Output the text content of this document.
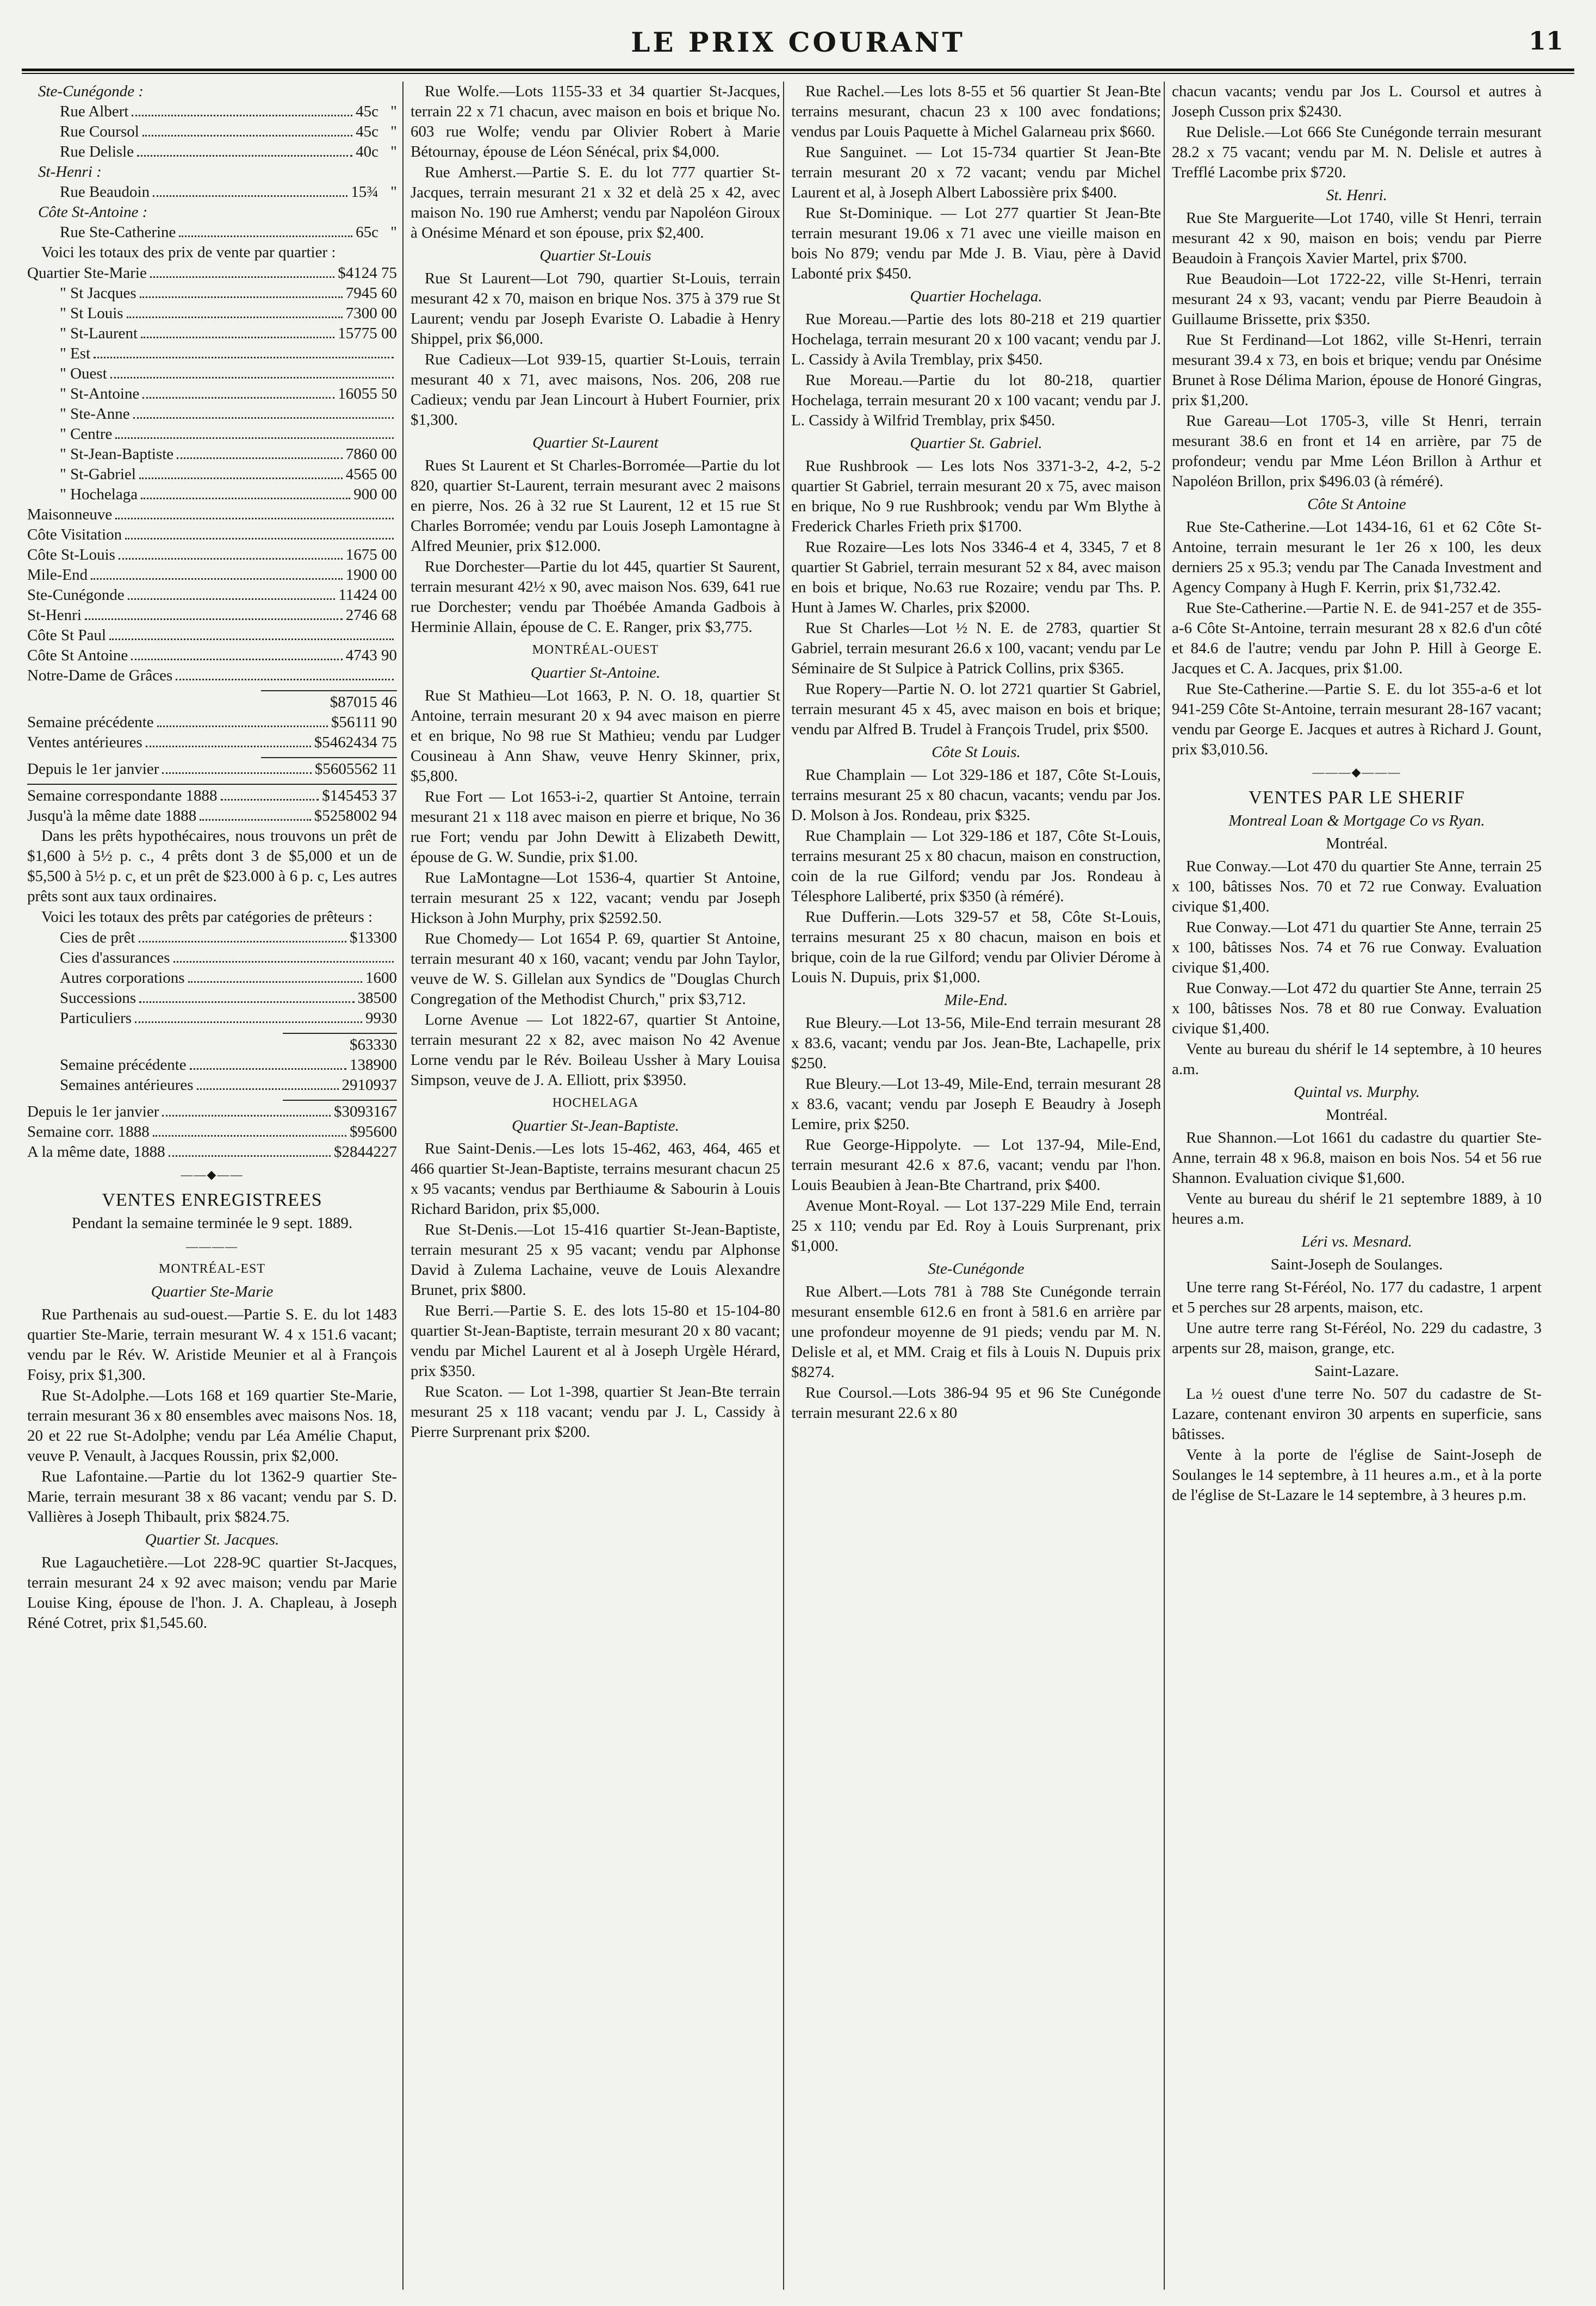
LE PRIX COURANT	11
Ste-Cunégonde :
Rue Albert	45c "
Rue Coursol	45c "
Rue Delisle	40c "
St-Henri :
Rue Beaudoin	15¾ "
Côte St-Antoine :
Rue Ste-Catherine	65c "

Voici les totaux des prix de vente par quartier :

Quartier Ste-Marie	$4124 75
" St Jacques	7945 60
" St Louis	7300 00
" St-Laurent	15775 00
" Est
" Ouest
" St-Antoine	16055 50
" Ste-Anne
" Centre
" St-Jean-Baptiste	7860 00
" St-Gabriel	4565 00
" Hochelaga	900 00
Maisonneuve
Côte Visitation
Côte St-Louis	1675 00
Mile-End	1900 00
Ste-Cunégonde	11424 00
St-Henri	2746 68
Côte St Paul
Côte St Antoine	4743 90
Notre-Dame de Grâces
$87015 46
Semaine précédente	$56111 90
Ventes antérieures	$5462434 75
Depuis le 1er janvier	$5605562 11
Semaine correspondante 1888	$145453 37
Jusqu'à la même date 1888	$5258002 94

Dans les prêts hypothécaires, nous trouvons un prêt de $1,600 à 5½ p. c., 4 prêts dont 3 de $5,000 et un de $5,500 à 5½ p. c, et un prêt de $23.000 à 6 p. c, Les autres prêts sont aux taux ordinaires.

Voici les totaux des prêts par catégories de prêteurs :

Cies de prêt	$13300
Cies d'assurances
Autres corporations	1600
Successions	38500
Particuliers	9930
$63330
Semaine précédente	138900
Semaines antérieures	2910937
Depuis le 1er janvier	$3093167
Semaine corr. 1888	$95600
A la même date, 1888	$2844227
——◆——
VENTES ENREGISTREES

Pendant la semaine terminée le 9 sept. 1889.

————

MONTRÉAL-EST

Quartier Ste-Marie

Rue Parthenais au sud-ouest.—Partie S. E. du lot 1483 quartier Ste-Marie, terrain mesurant W. 4 x 151.6 vacant; vendu par le Rév. W. Aristide Meunier et al à François Foisy, prix $1,300.

Rue St-Adolphe.—Lots 168 et 169 quartier Ste-Marie, terrain mesurant 36 x 80 ensembles avec maisons Nos. 18, 20 et 22 rue St-Adolphe; vendu par Léa Amélie Chaput, veuve P. Venault, à Jacques Roussin, prix $2,000.

Rue Lafontaine.—Partie du lot 1362-9 quartier Ste-Marie, terrain mesurant 38 x 86 vacant; vendu par S. D. Vallières à Joseph Thibault, prix $824.75.

Quartier St. Jacques.

Rue Lagauchetière.—Lot 228-9C quartier St-Jacques, terrain mesurant 24 x 92 avec maison; vendu par Marie Louise King, épouse de l'hon. J. A. Chapleau, à Joseph Réné Cotret, prix $1,545.60.

Rue Wolfe.—Lots 1155-33 et 34 quartier St-Jacques, terrain 22 x 71 chacun, avec maison en bois et brique No. 603 rue Wolfe; vendu par Olivier Robert à Marie Bétournay, épouse de Léon Sénécal, prix $4,000.

Rue Amherst.—Partie S. E. du lot 777 quartier St-Jacques, terrain mesurant 21 x 32 et delà 25 x 42, avec maison No. 190 rue Amherst; vendu par Napoléon Giroux à Onésime Ménard et son épouse, prix $2,400.

Quartier St-Louis

Rue St Laurent—Lot 790, quartier St-Louis, terrain mesurant 42 x 70, maison en brique Nos. 375 à 379 rue St Laurent; vendu par Joseph Evariste O. Labadie à Henry Shippel, prix $6,000.

Rue Cadieux—Lot 939-15, quartier St-Louis, terrain mesurant 40 x 71, avec maisons, Nos. 206, 208 rue Cadieux; vendu par Jean Lincourt à Hubert Fournier, prix $1,300.

Quartier St-Laurent

Rues St Laurent et St Charles-Borromée—Partie du lot 820, quartier St-Laurent, terrain mesurant avec 2 maisons en pierre, Nos. 26 à 32 rue St Laurent, 12 et 15 rue St Charles Borromée; vendu par Louis Joseph Lamontagne à Alfred Meunier, prix $12.000.

Rue Dorchester—Partie du lot 445, quartier St Saurent, terrain mesurant 42½ x 90, avec maison Nos. 639, 641 rue rue Dorchester; vendu par Thoébée Amanda Gadbois à Herminie Allain, épouse de C. E. Ranger, prix $3,775.

MONTRÉAL-OUEST

Quartier St-Antoine.

Rue St Mathieu—Lot 1663, P. N. O. 18, quartier St Antoine, terrain mesurant 20 x 94 avec maison en pierre et en brique, No 98 rue St Mathieu; vendu par Ludger Cousineau à Ann Shaw, veuve Henry Skinner, prix, $5,800.

Rue Fort — Lot 1653-i-2, quartier St Antoine, terrain mesurant 21 x 118 avec maison en pierre et brique, No 36 rue Fort; vendu par John Dewitt à Elizabeth Dewitt, épouse de G. W. Sundie, prix $1.00.

Rue LaMontagne—Lot 1536-4, quartier St Antoine, terrain mesurant 25 x 122, vacant; vendu par Joseph Hickson à John Murphy, prix $2592.50.

Rue Chomedy— Lot 1654 P. 69, quartier St Antoine, terrain mesurant 40 x 160, vacant; vendu par John Taylor, veuve de W. S. Gillelan aux Syndics de "Douglas Church Congregation of the Methodist Church," prix $3,712.

Lorne Avenue — Lot 1822-67, quartier St Antoine, terrain mesurant 22 x 82, avec maison No 42 Avenue Lorne vendu par le Rév. Boileau Ussher à Mary Louisa Simpson, veuve de J. A. Elliott, prix $3950.

HOCHELAGA

Quartier St-Jean-Baptiste.

Rue Saint-Denis.—Les lots 15-462, 463, 464, 465 et 466 quartier St-Jean-Baptiste, terrains mesurant chacun 25 x 95 vacants; vendus par Berthiaume & Sabourin à Louis Richard Baridon, prix $5,000.

Rue St-Denis.—Lot 15-416 quartier St-Jean-Baptiste, terrain mesurant 25 x 95 vacant; vendu par Alphonse David à Zulema Lachaine, veuve de Louis Alexandre Brunet, prix $800.

Rue Berri.—Partie S. E. des lots 15-80 et 15-104-80 quartier St-Jean-Baptiste, terrain mesurant 20 x 80 vacant; vendu par Michel Laurent et al à Joseph Urgèle Hérard, prix $350.

Rue Scaton. — Lot 1-398, quartier St Jean-Bte terrain mesurant 25 x 118 vacant; vendu par J. L, Cassidy à Pierre Surprenant prix $200.

Rue Rachel.—Les lots 8-55 et 56 quartier St Jean-Bte terrains mesurant, chacun 23 x 100 avec fondations; vendus par Louis Paquette à Michel Galarneau prix $660.

Rue Sanguinet. — Lot 15-734 quartier St Jean-Bte terrain mesurant 20 x 72 vacant; vendu par Michel Laurent et al, à Joseph Albert Labossière prix $400.

Rue St-Dominique. — Lot 277 quartier St Jean-Bte terrain mesurant 19.06 x 71 avec une vieille maison en bois No 879; vendu par Mde J. B. Viau, père à David Labonté prix $450.

Quartier Hochelaga.

Rue Moreau.—Partie des lots 80-218 et 219 quartier Hochelaga, terrain mesurant 20 x 100 vacant; vendu par J. L. Cassidy à Avila Tremblay, prix $450.

Rue Moreau.—Partie du lot 80-218, quartier Hochelaga, terrain mesurant 20 x 100 vacant; vendu par J. L. Cassidy à Wilfrid Tremblay, prix $450.

Quartier St. Gabriel.

Rue Rushbrook — Les lots Nos 3371-3-2, 4-2, 5-2 quartier St Gabriel, terrain mesurant 20 x 75, avec maison en brique, No 9 rue Rushbrook; vendu par Wm Blythe à Frederick Charles Frieth prix $1700.

Rue Rozaire—Les lots Nos 3346-4 et 4, 3345, 7 et 8 quartier St Gabriel, terrain mesurant 52 x 84, avec maison en bois et brique, No.63 rue Rozaire; vendu par Ths. P. Hunt à James W. Charles, prix $2000.

Rue St Charles—Lot ½ N. E. de 2783, quartier St Gabriel, terrain mesurant 26.6 x 100, vacant; vendu par Le Séminaire de St Sulpice à Patrick Collins, prix $365.

Rue Ropery—Partie N. O. lot 2721 quartier St Gabriel, terrain mesurant 45 x 45, avec maison en bois et brique; vendu par Alfred B. Trudel à François Trudel, prix $500.

Côte St Louis.

Rue Champlain — Lot 329-186 et 187, Côte St-Louis, terrains mesurant 25 x 80 chacun, vacants; vendu par Jos. D. Molson à Jos. Rondeau, prix $325.

Rue Champlain — Lot 329-186 et 187, Côte St-Louis, terrains mesurant 25 x 80 chacun, maison en construction, coin de la rue Gilford; vendu par Jos. Rondeau à Télesphore Laliberté, prix $350 (à réméré).

Rue Dufferin.—Lots 329-57 et 58, Côte St-Louis, terrains mesurant 25 x 80 chacun, maison en bois et brique, coin de la rue Gilford; vendu par Olivier Dérome à Louis N. Dupuis, prix $1,000.

Mile-End.

Rue Bleury.—Lot 13-56, Mile-End terrain mesurant 28 x 83.6, vacant; vendu par Jos. Jean-Bte, Lachapelle, prix $250.

Rue Bleury.—Lot 13-49, Mile-End, terrain mesurant 28 x 83.6, vacant; vendu par Joseph E Beaudry à Joseph Lemire, prix $250.

Rue George-Hippolyte. — Lot 137-94, Mile-End, terrain mesurant 42.6 x 87.6, vacant; vendu par l'hon. Louis Beaubien à Jean-Bte Chartrand, prix $400.

Avenue Mont-Royal. — Lot 137-229 Mile End, terrain 25 x 110; vendu par Ed. Roy à Louis Surprenant, prix $1,000.

Ste-Cunégonde

Rue Albert.—Lots 781 à 788 Ste Cunégonde terrain mesurant ensemble 612.6 en front à 581.6 en arrière par une profondeur moyenne de 91 pieds; vendu par M. N. Delisle et al, et MM. Craig et fils à Louis N. Dupuis prix $8274.

Rue Coursol.—Lots 386-94 95 et 96 Ste Cunégonde terrain mesurant 22.6 x 80

chacun vacants; vendu par Jos L. Coursol et autres à Joseph Cusson prix $2430.

Rue Delisle.—Lot 666 Ste Cunégonde terrain mesurant 28.2 x 75 vacant; vendu par M. N. Delisle et autres à Trefflé Lacombe prix $720.

St. Henri.

Rue Ste Marguerite—Lot 1740, ville St Henri, terrain mesurant 42 x 90, maison en bois; vendu par Pierre Beaudoin à François Xavier Martel, prix $700.

Rue Beaudoin—Lot 1722-22, ville St-Henri, terrain mesurant 24 x 93, vacant; vendu par Pierre Beaudoin à Guillaume Brissette, prix $350.

Rue St Ferdinand—Lot 1862, ville St-Henri, terrain mesurant 39.4 x 73, en bois et brique; vendu par Onésime Brunet à Rose Délima Marion, épouse de Honoré Gingras, prix $1,200.

Rue Gareau—Lot 1705-3, ville St Henri, terrain mesurant 38.6 en front et 14 en arrière, par 75 de profondeur; vendu par Mme Léon Brillon à Arthur et Napoléon Brillon, prix $496.03 (à réméré).

Côte St Antoine

Rue Ste-Catherine.—Lot 1434-16, 61 et 62 Côte St-Antoine, terrain mesurant le 1er 26 x 100, les deux derniers 25 x 95.3; vendu par The Canada Investment and Agency Company à Hugh F. Kerrin, prix $1,732.42.

Rue Ste-Catherine.—Partie N. E. de 941-257 et de 355-a-6 Côte St-Antoine, terrain mesurant 28 x 82.6 d'un côté et 84.6 de l'autre; vendu par John P. Hill à George E. Jacques et C. A. Jacques, prix $1.00.

Rue Ste-Catherine.—Partie S. E. du lot 355-a-6 et lot 941-259 Côte St-Antoine, terrain mesurant 28-167 vacant; vendu par George E. Jacques et autres à Richard J. Gount, prix $3,010.56.

———◆———
VENTES PAR LE SHERIF

Montreal Loan & Mortgage Co vs Ryan.

Montréal.

Rue Conway.—Lot 470 du quartier Ste Anne, terrain 25 x 100, bâtisses Nos. 70 et 72 rue Conway. Evaluation civique $1,400.

Rue Conway.—Lot 471 du quartier Ste Anne, terrain 25 x 100, bâtisses Nos. 74 et 76 rue Conway. Evaluation civique $1,400.

Rue Conway.—Lot 472 du quartier Ste Anne, terrain 25 x 100, bâtisses Nos. 78 et 80 rue Conway. Evaluation civique $1,400.

Vente au bureau du shérif le 14 septembre, à 10 heures a.m.

Quintal vs. Murphy.

Montréal.

Rue Shannon.—Lot 1661 du cadastre du quartier Ste-Anne, terrain 48 x 96.8, maison en bois Nos. 54 et 56 rue Shannon. Evaluation civique $1,600.

Vente au bureau du shérif le 21 septembre 1889, à 10 heures a.m.

Léri vs. Mesnard.

Saint-Joseph de Soulanges.

Une terre rang St-Féréol, No. 177 du cadastre, 1 arpent et 5 perches sur 28 arpents, maison, etc.

Une autre terre rang St-Féréol, No. 229 du cadastre, 3 arpents sur 28, maison, grange, etc.

Saint-Lazare.

La ½ ouest d'une terre No. 507 du cadastre de St-Lazare, contenant environ 30 arpents en superficie, sans bâtisses.

Vente à la porte de l'église de Saint-Joseph de Soulanges le 14 septembre, à 11 heures a.m., et à la porte de l'église de St-Lazare le 14 septembre, à 3 heures p.m.
